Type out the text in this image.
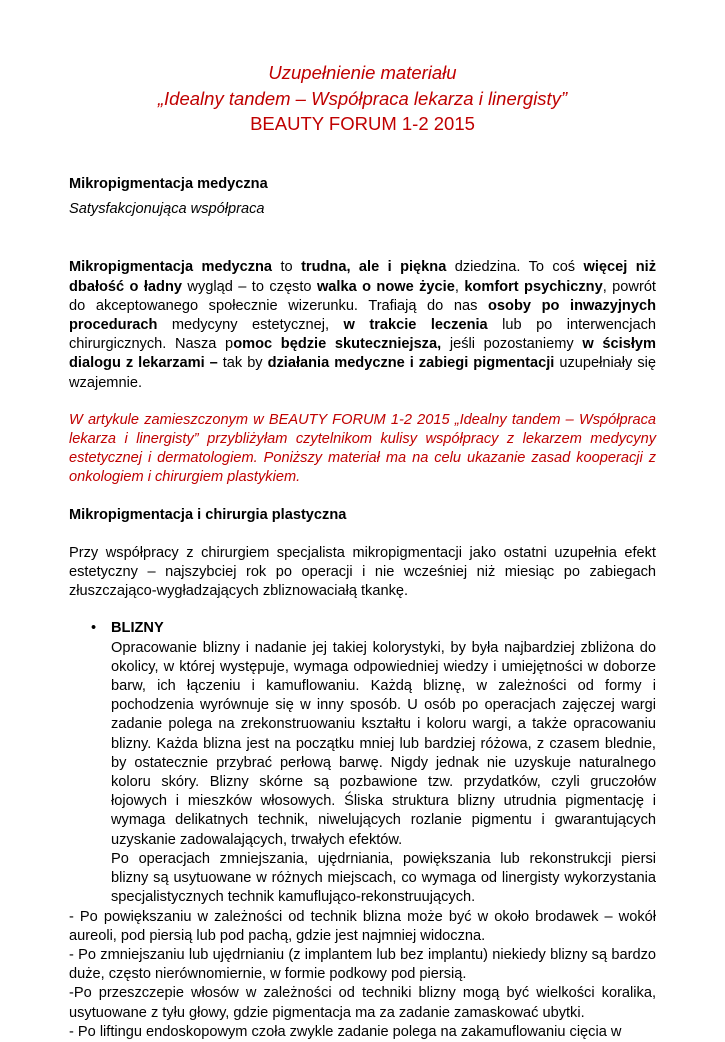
Uzupełnienie materiału
„Idealny tandem – Współpraca lekarza i linergisty”
BEAUTY FORUM 1-2 2015

Mikropigmentacja medyczna

Satysfakcjonująca współpraca

Mikropigmentacja medyczna to trudna, ale i piękna dziedzina. To coś więcej niż dbałość o ładny wygląd – to często walka o nowe życie, komfort psychiczny, powrót do akceptowanego społecznie wizerunku. Trafiają do nas osoby po inwazyjnych procedurach medycyny estetycznej, w trakcie leczenia lub po interwencjach chirurgicznych. Nasza pomoc będzie skuteczniejsza, jeśli pozostaniemy w ścisłym dialogu z lekarzami – tak by działania medyczne i zabiegi pigmentacji uzupełniały się wzajemnie.

W artykule zamieszczonym w BEAUTY FORUM 1-2 2015 „Idealny tandem – Współpraca lekarza i linergisty” przybliżyłam czytelnikom kulisy współpracy z lekarzem medycyny estetycznej i dermatologiem. Poniższy materiał ma na celu ukazanie zasad kooperacji z onkologiem i chirurgiem plastykiem.

Mikropigmentacja i chirurgia plastyczna

Przy współpracy z chirurgiem specjalista mikropigmentacji jako ostatni uzupełnia efekt estetyczny – najszybciej rok po operacji i nie wcześniej niż miesiąc po zabiegach złuszczająco-wygładzających zbliznowaciałą tkankę.

• BLIZNY

Opracowanie blizny i nadanie jej takiej kolorystyki, by była najbardziej zbliżona do okolicy, w której występuje, wymaga odpowiedniej wiedzy i umiejętności w doborze barw, ich łączeniu i kamuflowaniu. Każdą bliznę, w zależności od formy i pochodzenia wyrównuje się w inny sposób. U osób po operacjach zajęczej wargi zadanie polega na zrekonstruowaniu kształtu i koloru wargi, a także opracowaniu blizny. Każda blizna jest na początku mniej lub bardziej różowa, z czasem blednie, by ostatecznie przybrać perłową barwę. Nigdy jednak nie uzyskuje naturalnego koloru skóry. Blizny skórne są pozbawione tzw. przydatków, czyli gruczołów łojowych i mieszków włosowych. Śliska struktura blizny utrudnia pigmentację i wymaga delikatnych technik, niwelujących rozlanie pigmentu i gwarantujących uzyskanie zadowalających, trwałych efektów.

Po operacjach zmniejszania, ujędrniania, powiększania lub rekonstrukcji piersi blizny są usytuowane w różnych miejscach, co wymaga od linergisty wykorzystania specjalistycznych technik kamuflująco-rekonstruujących.

- Po powiększaniu w zależności od technik blizna może być w około brodawek – wokół aureoli, pod piersią lub pod pachą, gdzie jest najmniej widoczna.

- Po zmniejszaniu lub ujędrnianiu (z implantem lub bez implantu) niekiedy blizny są bardzo duże, często nierównomiernie, w formie podkowy pod piersią.

-Po przeszczepie włosów w zależności od techniki blizny mogą być wielkości koralika, usytuowane z tyłu głowy, gdzie pigmentacja ma za zadanie zamaskować ubytki.

- Po liftingu endoskopowym czoła zwykle zadanie polega na zakamuflowaniu cięcia w
